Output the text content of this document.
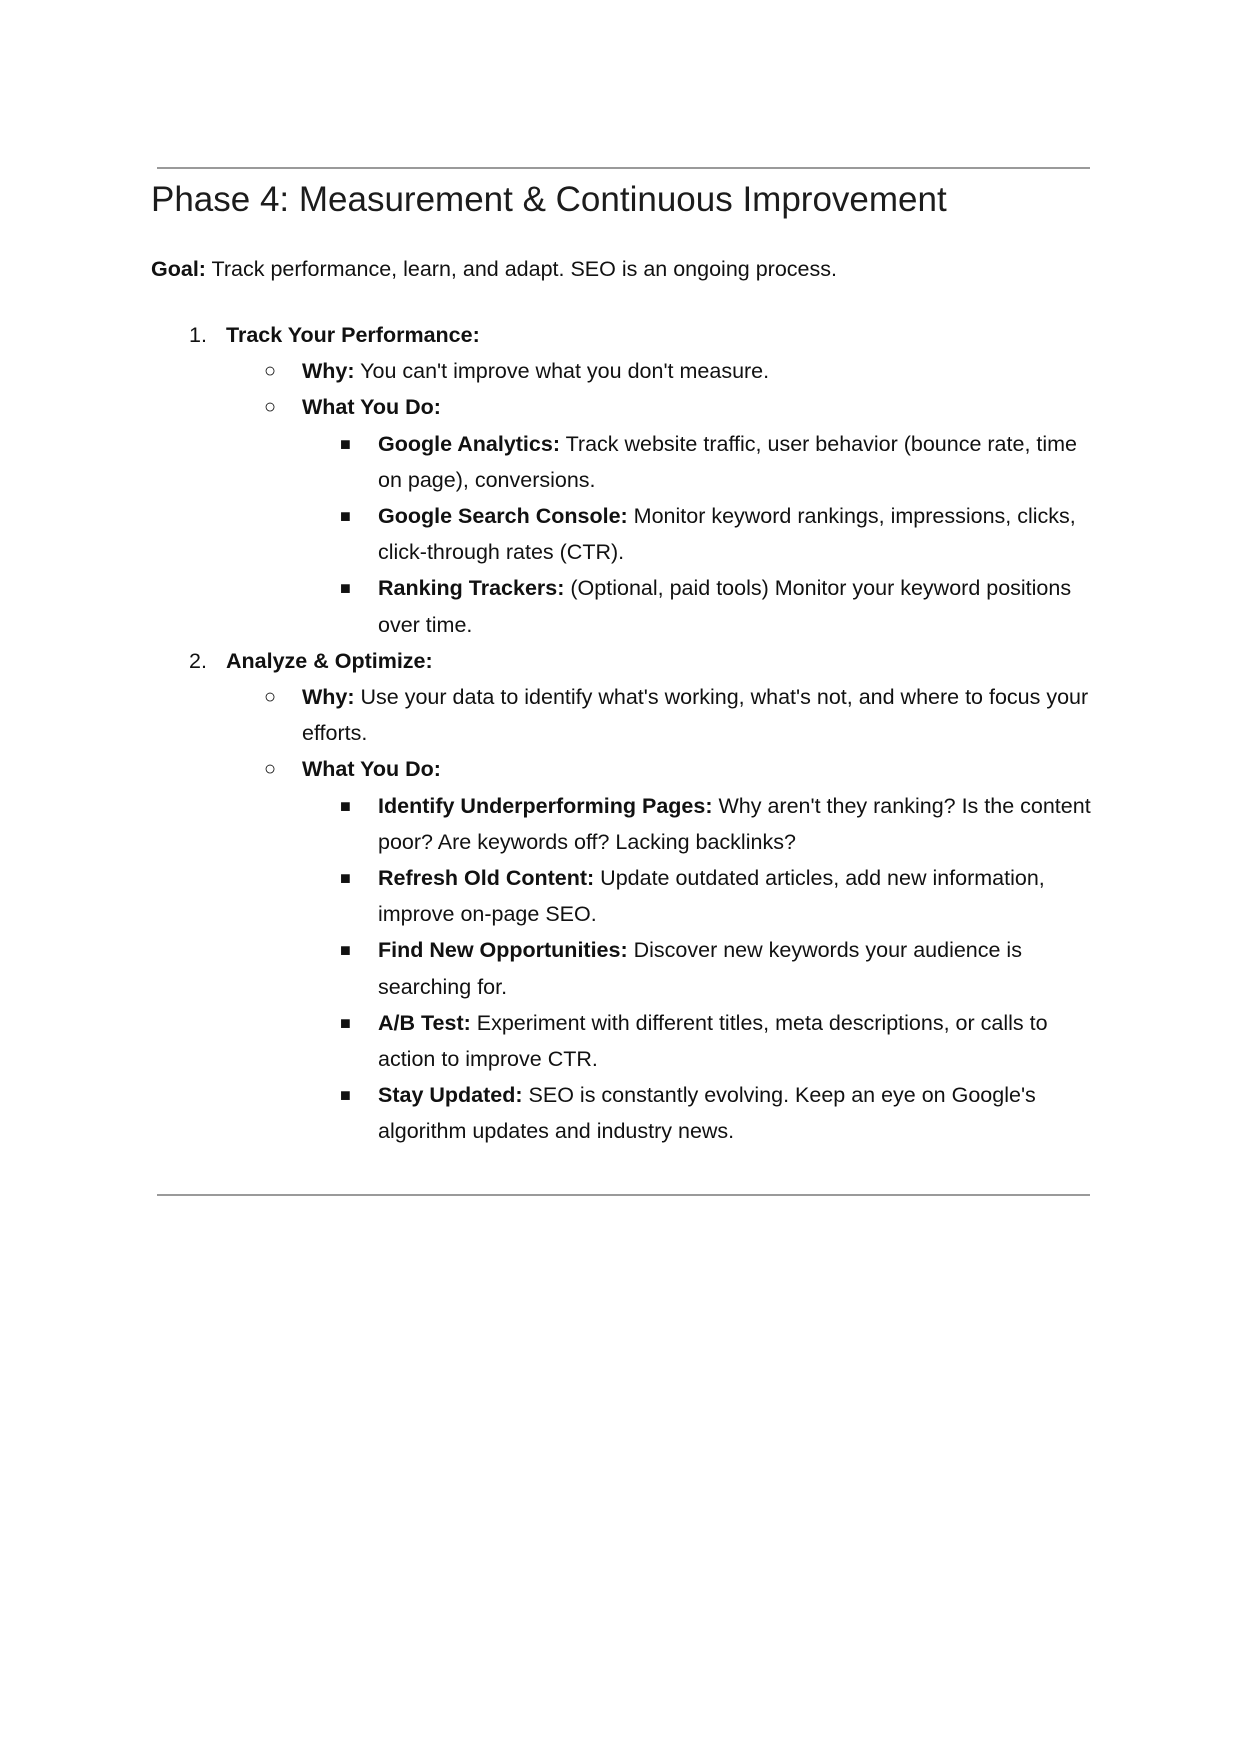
Phase 4: Measurement & Continuous Improvement

Goal: Track performance, learn, and adapt. SEO is an ongoing process.

1. Track Your Performance:
○ Why: You can't improve what you don't measure.
○ What You Do:
■ Google Analytics: Track website traffic, user behavior (bounce rate, time on page), conversions.
■ Google Search Console: Monitor keyword rankings, impressions, clicks, click-through rates (CTR).
■ Ranking Trackers: (Optional, paid tools) Monitor your keyword positions over time.
2. Analyze & Optimize:
○ Why: Use your data to identify what's working, what's not, and where to focus your efforts.
○ What You Do:
■ Identify Underperforming Pages: Why aren't they ranking? Is the content poor? Are keywords off? Lacking backlinks?
■ Refresh Old Content: Update outdated articles, add new information, improve on-page SEO.
■ Find New Opportunities: Discover new keywords your audience is searching for.
■ A/B Test: Experiment with different titles, meta descriptions, or calls to action to improve CTR.
■ Stay Updated: SEO is constantly evolving. Keep an eye on Google's algorithm updates and industry news.
